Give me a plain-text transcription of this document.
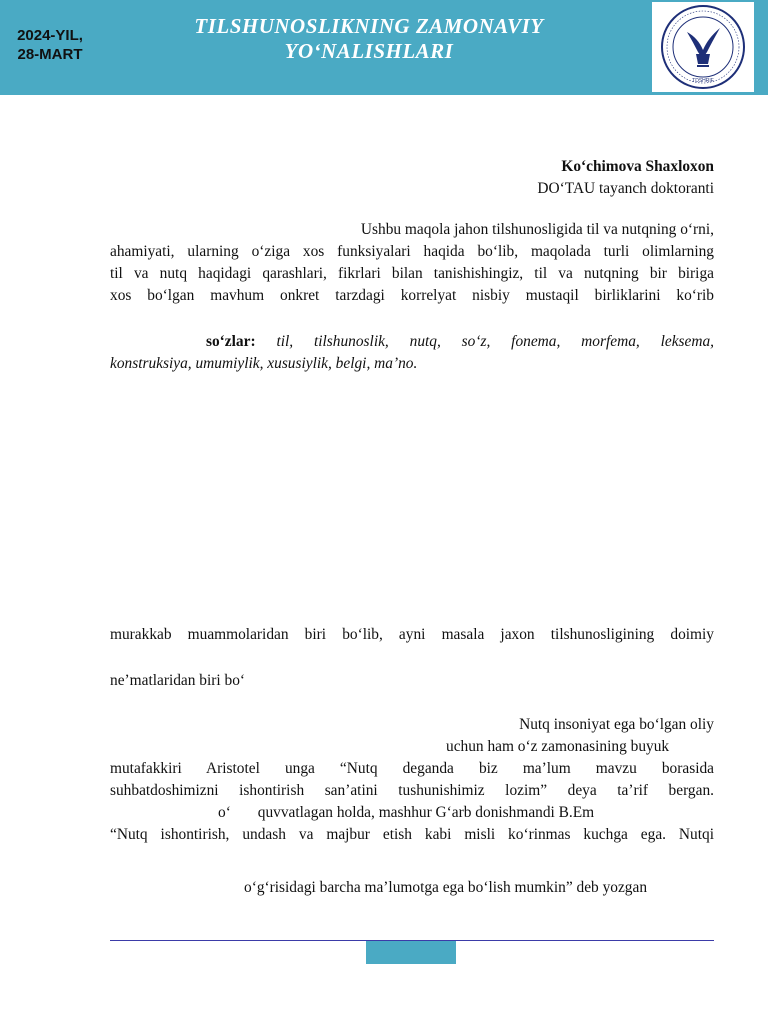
2024-YIL,
28-MART
TILSHUNOSLIKNING ZAMONAVIY
YO‘NALISHLARI
TDSHRIF
Ko‘chimova Shaxloxon
DO‘TAU tayanch doktoranti
Ushbu maqola jahon tilshunosligida til va nutqning o‘rni,
ahamiyati, ularning o‘ziga xos funksiyalari haqida bo‘lib, maqolada turli olimlarning
til va nutq haqidagi qarashlari, fikrlari bilan tanishishingiz, til va nutqning bir biriga
xos bo‘lgan mavhum onkret tarzdagi korrelyat nisbiy mustaqil birliklarini ko‘rib
so‘zlar: til, tilshunoslik, nutq, so‘z, fonema, morfema, leksema,
konstruksiya, umumiylik, xususiylik, belgi, ma’no.
murakkab muammolaridan biri bo‘lib, ayni masala jaxon tilshunosligining doimiy
ne’matlaridan biri bo‘
Nutq insoniyat ega bo‘lgan oliy
uchun ham o‘z zamonasining buyuk
mutafakkiri Aristotel unga “Nutq deganda biz ma’lum mavzu borasida
suhbatdoshimizni ishontirish san’atini tushunishimiz lozim” deya ta’rif bergan.
o‘       quvvatlagan holda, mashhur G‘arb donishmandi B.Em
“Nutq ishontirish, undash va majbur etish kabi misli ko‘rinmas kuchga ega. Nutqi
o‘g‘risidagi barcha ma’lumotga ega bo‘lish mumkin” deb yozgan
